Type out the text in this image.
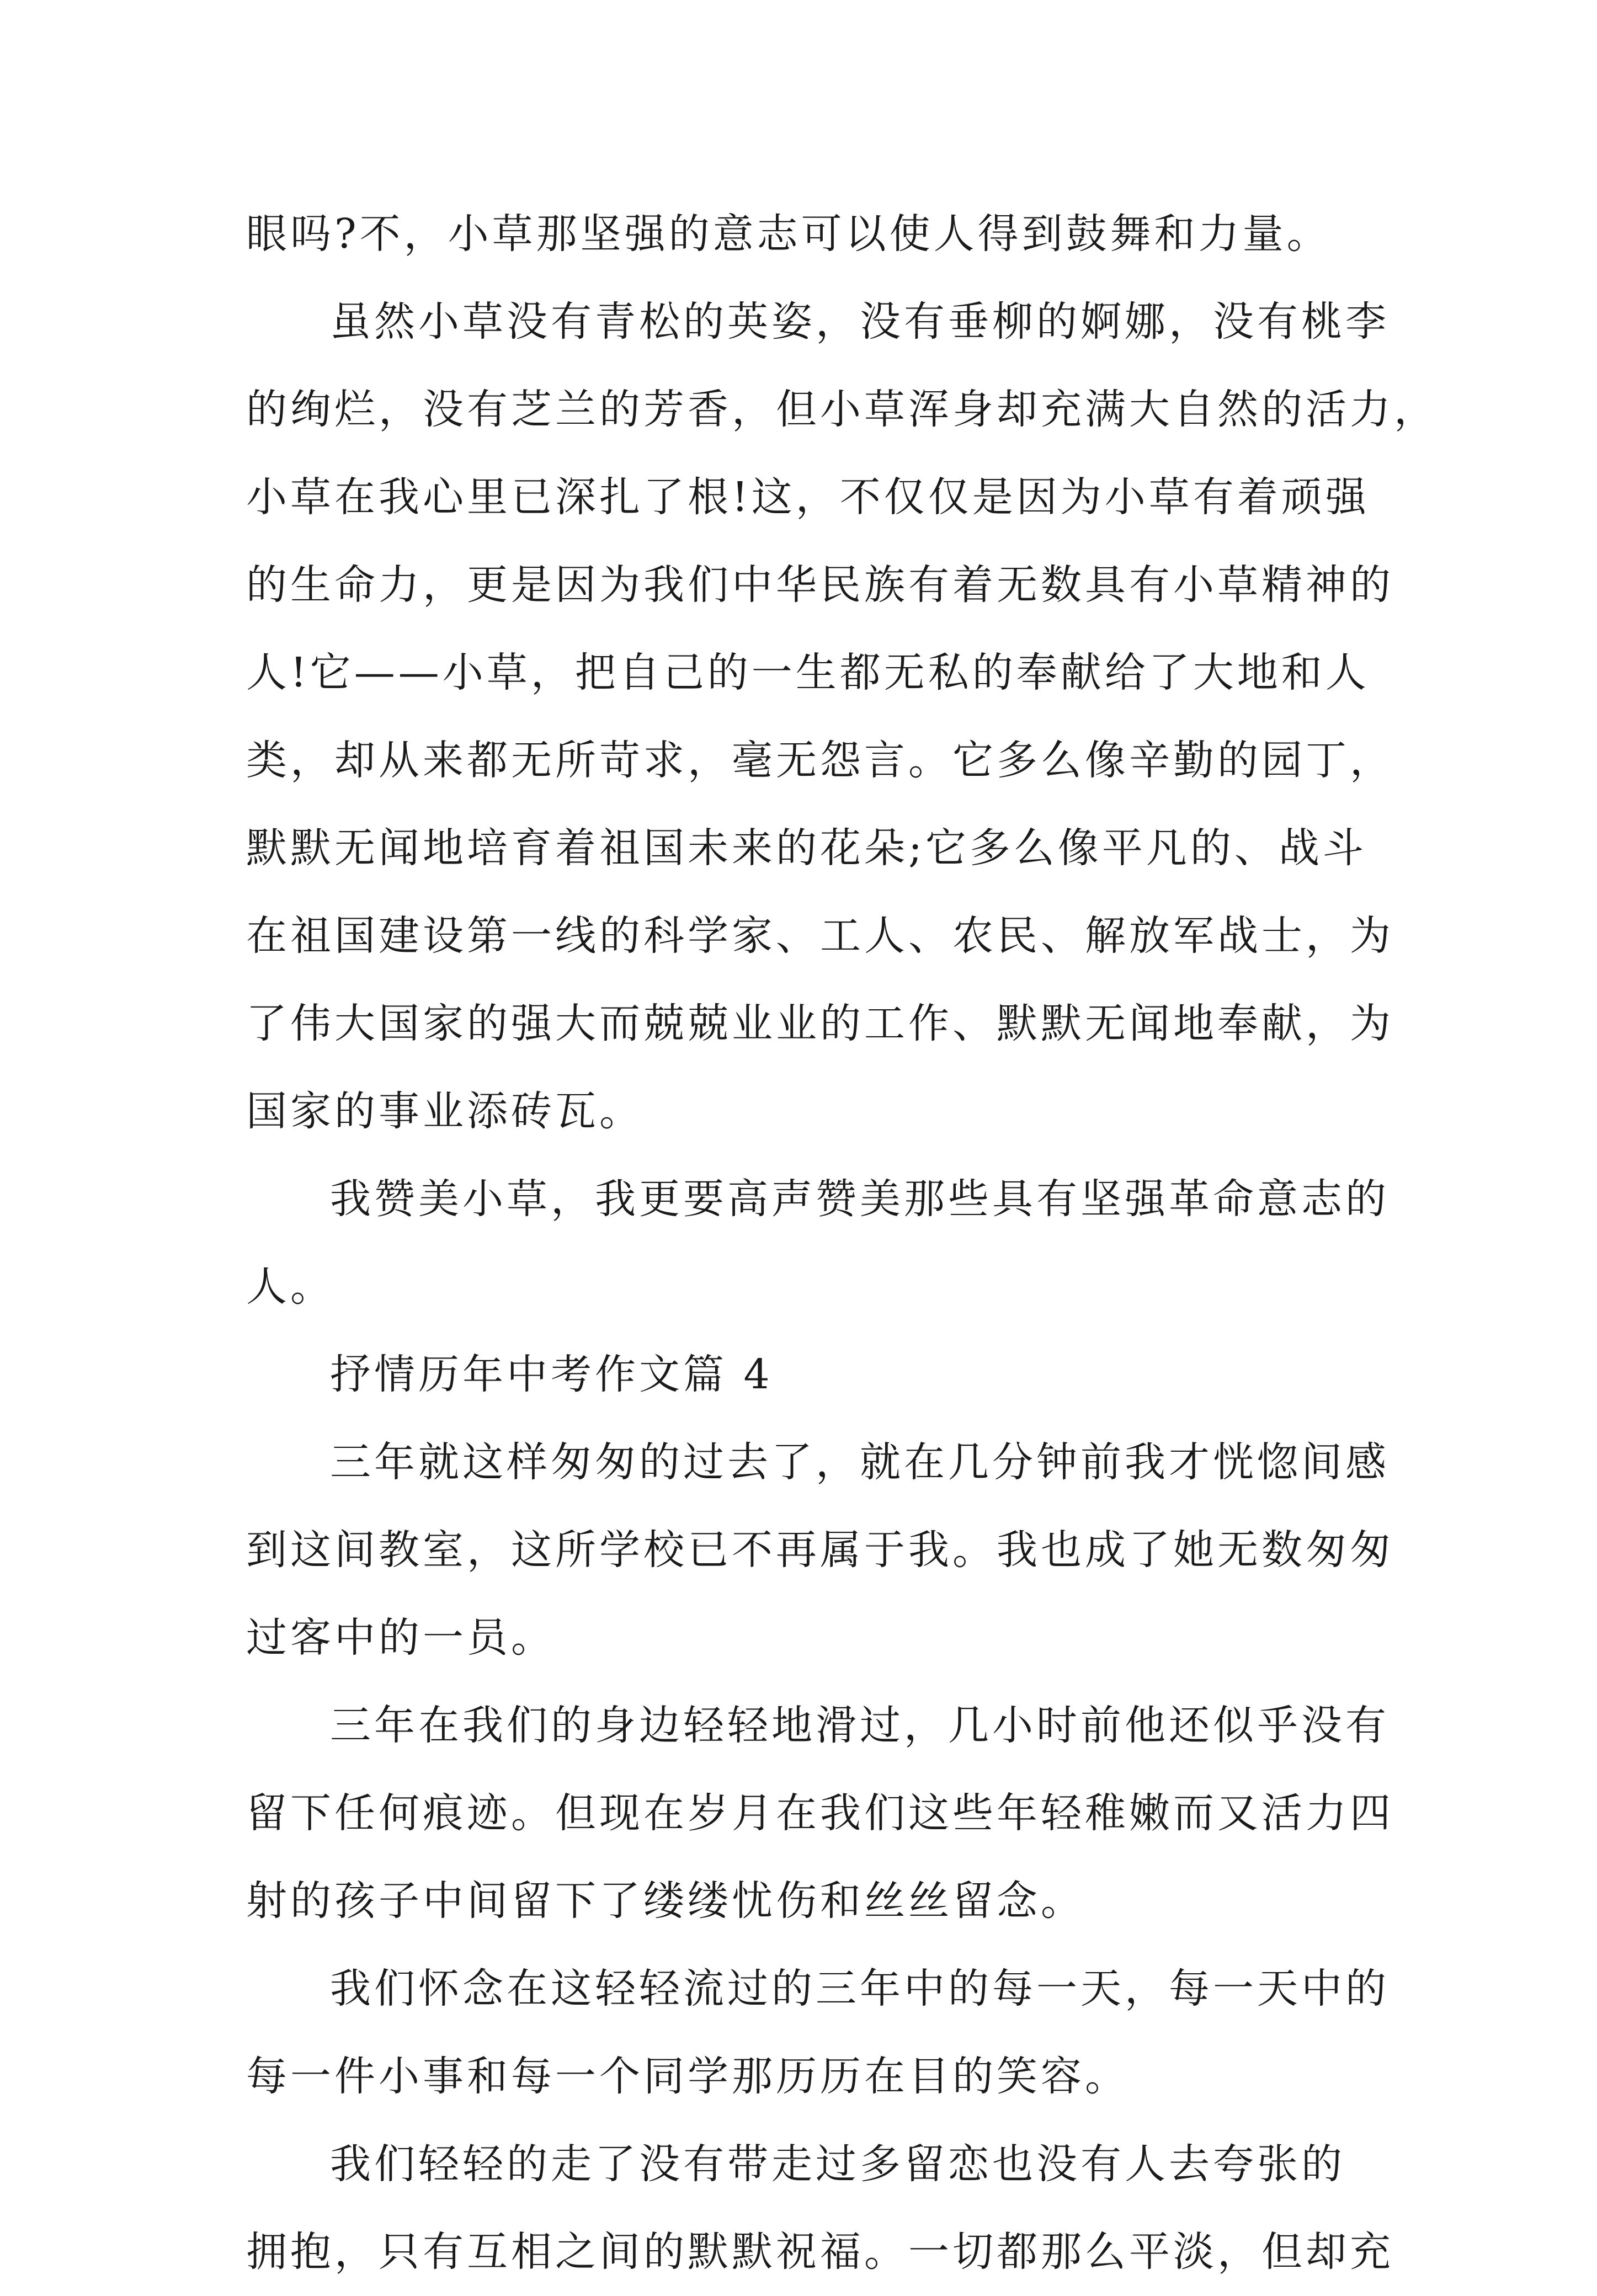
眼吗?不，小草那坚强的意志可以使人得到鼓舞和力量。
虽然小草没有青松的英姿，没有垂柳的婀娜，没有桃李
的绚烂，没有芝兰的芳香，但小草浑身却充满大自然的活力，
小草在我心里已深扎了根!这，不仅仅是因为小草有着顽强
的生命力，更是因为我们中华民族有着无数具有小草精神的
人!它——小草，把自己的一生都无私的奉献给了大地和人
类，却从来都无所苛求，毫无怨言。它多么像辛勤的园丁，
默默无闻地培育着祖国未来的花朵;它多么像平凡的、战斗
在祖国建设第一线的科学家、工人、农民、解放军战士，为
了伟大国家的强大而兢兢业业的工作、默默无闻地奉献，为
国家的事业添砖瓦。
我赞美小草，我更要高声赞美那些具有坚强革命意志的
人。
抒情历年中考作文篇 4
三年就这样匆匆的过去了，就在几分钟前我才恍惚间感
到这间教室，这所学校已不再属于我。我也成了她无数匆匆
过客中的一员。
三年在我们的身边轻轻地滑过，几小时前他还似乎没有
留下任何痕迹。但现在岁月在我们这些年轻稚嫩而又活力四
射的孩子中间留下了缕缕忧伤和丝丝留念。
我们怀念在这轻轻流过的三年中的每一天，每一天中的
每一件小事和每一个同学那历历在目的笑容。
我们轻轻的走了没有带走过多留恋也没有人去夸张的
拥抱，只有互相之间的默默祝福。一切都那么平淡，但却充
